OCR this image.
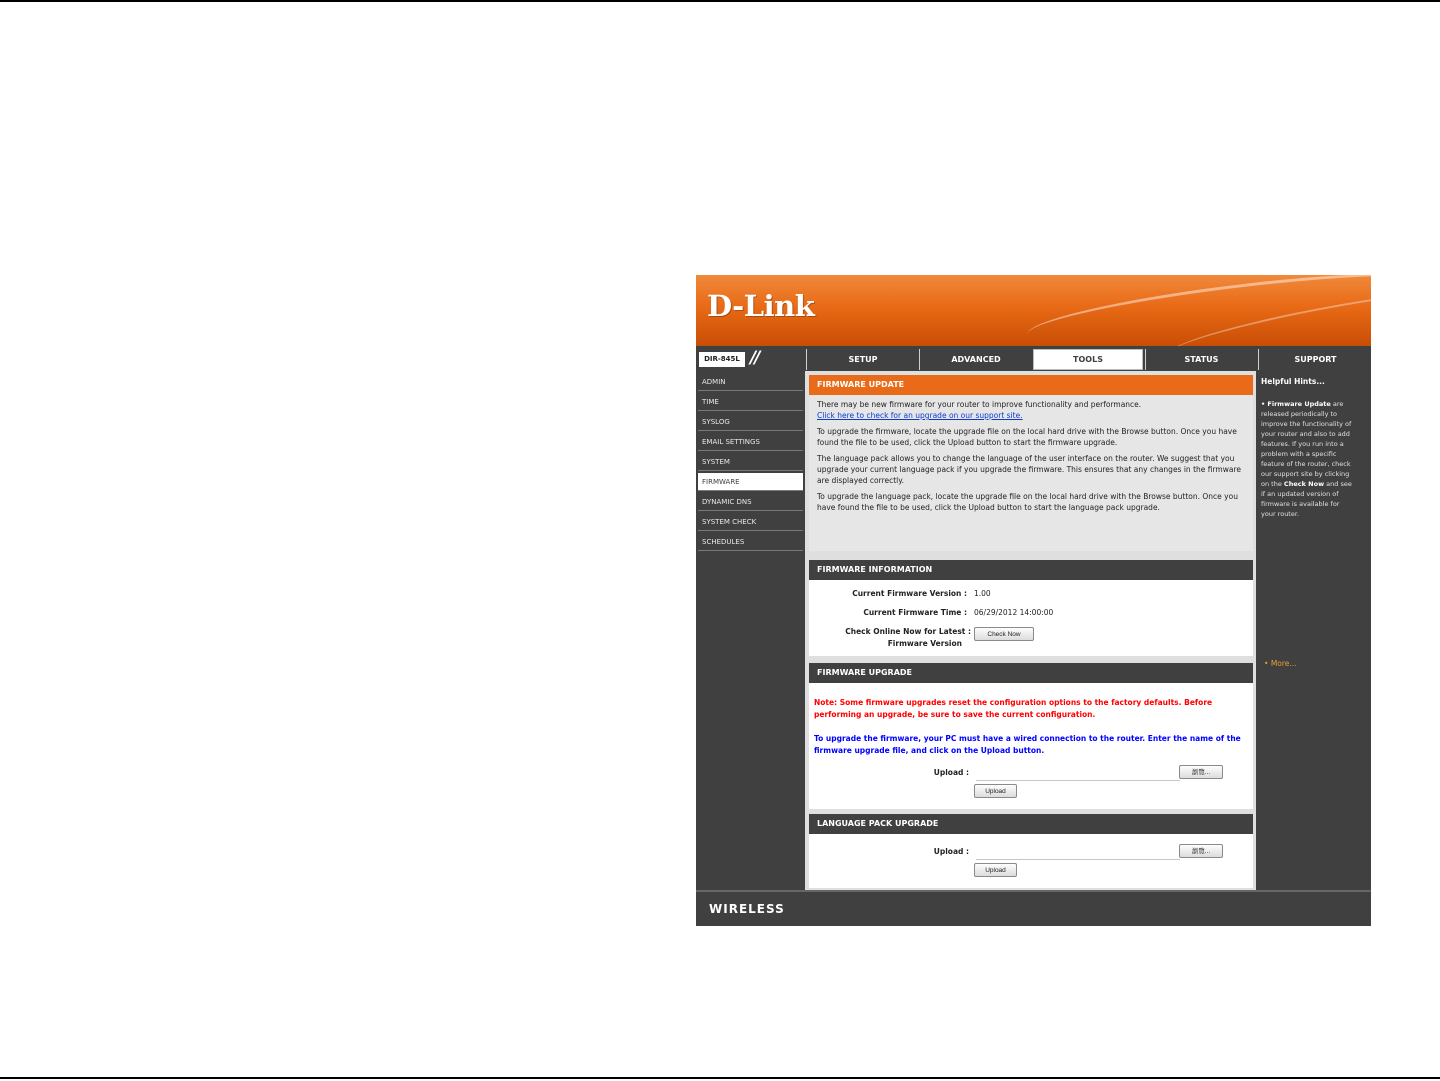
D-Link
DIR-845L //	SETUP	ADVANCED	TOOLS	STATUS	SUPPORT
ADMIN
TIME
SYSLOG
EMAIL SETTINGS
SYSTEM
FIRMWARE
DYNAMIC DNS
SYSTEM CHECK
SCHEDULES
FIRMWARE UPDATE

There may be new firmware for your router to improve functionality and performance.
Click here to check for an upgrade on our support site.

To upgrade the firmware, locate the upgrade file on the local hard drive with the Browse button. Once you have found the file to be used, click the Upload button to start the firmware upgrade.

The language pack allows you to change the language of the user interface on the router. We suggest that you upgrade your current language pack if you upgrade the firmware. This ensures that any changes in the firmware are displayed correctly.

To upgrade the language pack, locate the upgrade file on the local hard drive with the Browse button. Once you have found the file to be used, click the Upload button to start the language pack upgrade.

FIRMWARE INFORMATION
Current Firmware Version : 1.00
Current Firmware Time : 06/29/2012 14:00:00
Check Online Now for Latest :
Firmware Version
Check Now
FIRMWARE UPGRADE
Note: Some firmware upgrades reset the configuration options to the factory defaults. Before performing an upgrade, be sure to save the current configuration.
To upgrade the firmware, your PC must have a wired connection to the router. Enter the name of the firmware upgrade file, and click on the Upload button.
Upload :	瀏覽...
Upload
LANGUAGE PACK UPGRADE
Upload :	瀏覽...
Upload
Helpful Hints...
• Firmware Update are released periodically to improve the functionality of your router and also to add features. If you run into a problem with a specific feature of the router, check our support site by clicking on the Check Now and see if an updated version of firmware is available for your router.
• More...
WIRELESS
